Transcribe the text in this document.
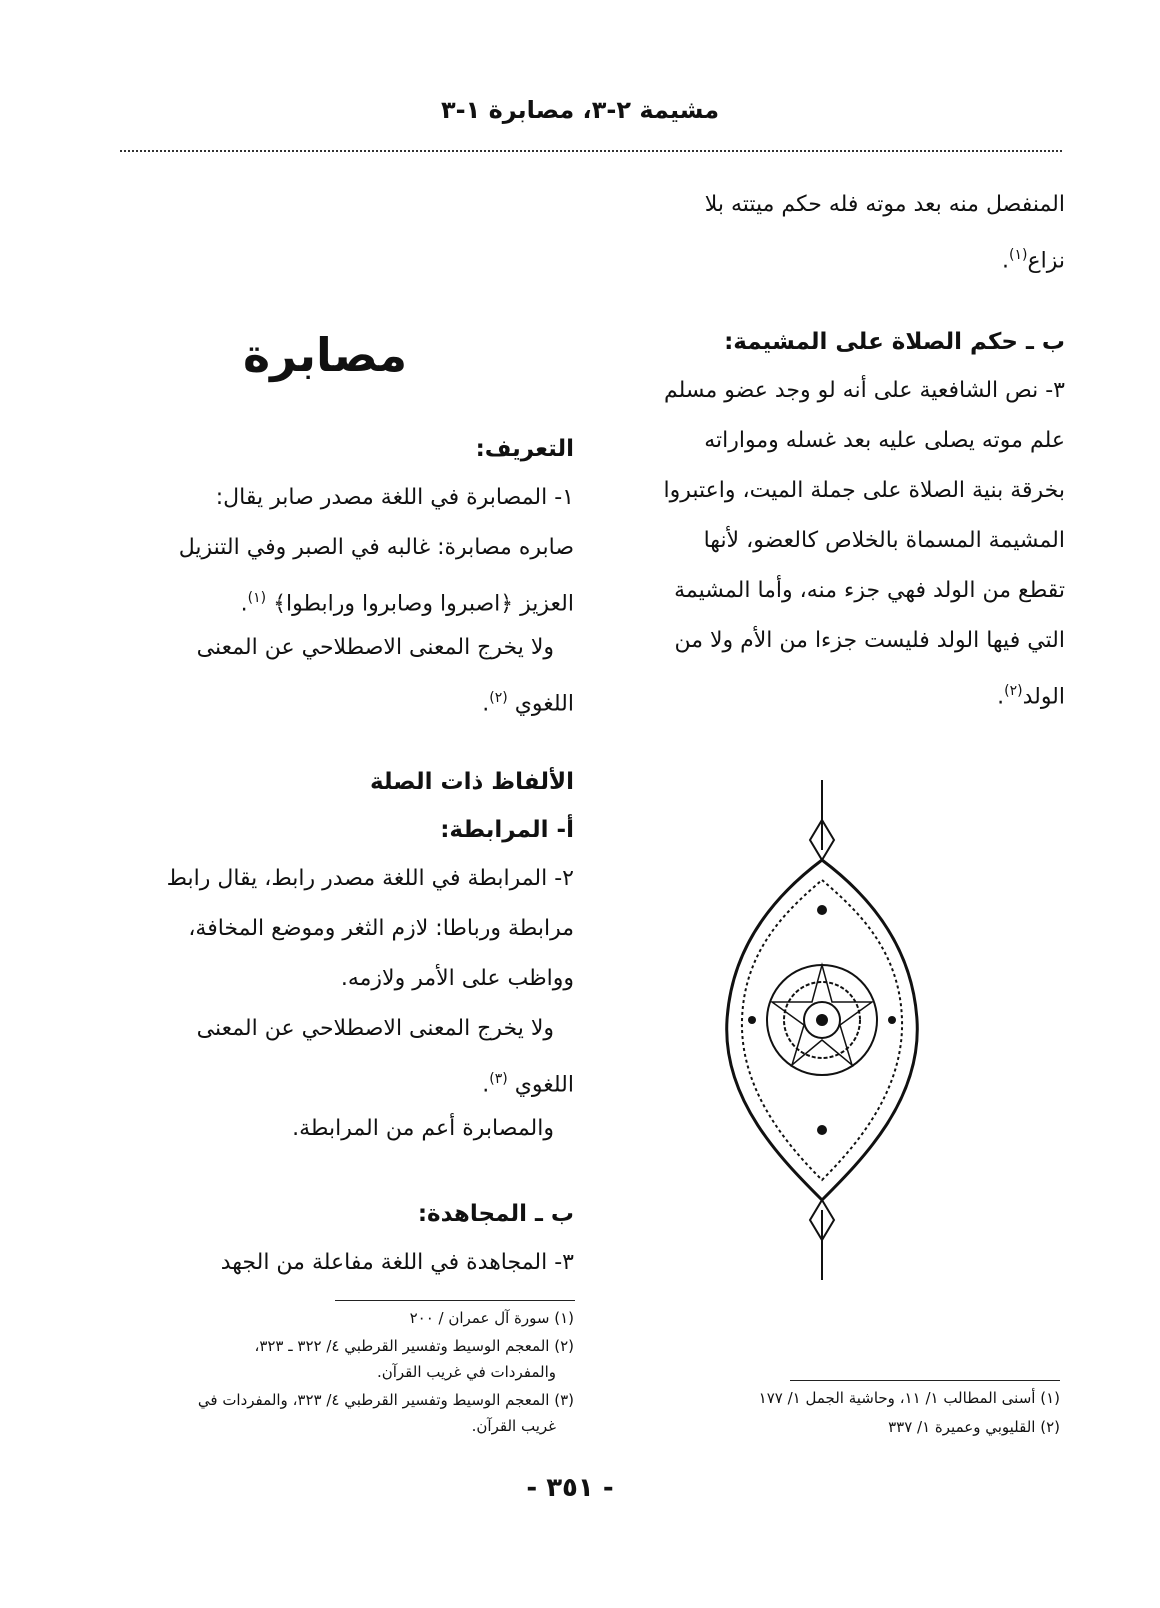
مشيمة ٢-٣، مصابرة ١-٣
المنفصل منه بعد موته فله حكم ميتته بلا
نزاع$^{(١)}$.
ب ـ حكم الصلاة على المشيمة:
٣- نص الشافعية على أنه لو وجد عضو مسلم
علم موته يصلى عليه بعد غسله ومواراته
بخرقة بنية الصلاة على جملة الميت، واعتبروا
المشيمة المسماة بالخلاص كالعضو، لأنها
تقطع من الولد فهي جزء منه، وأما المشيمة
التي فيها الولد فليست جزءا من الأم ولا من
الولد$^{(٢)}$.
(١) أسنى المطالب ١/ ١١، وحاشية الجمل ١/ ١٧٧
(٢) القليوبي وعميرة ١/ ٣٣٧
مصابرة
التعريف:
١- المصابرة في اللغة مصدر صابر يقال:
صابره مصابرة: غالبه في الصبر وفي التنزيل
العزيز ﴿اصبروا وصابروا ورابطوا﴾ $^{(١)}$.
ولا يخرج المعنى الاصطلاحي عن المعنى
اللغوي $^{(٢)}$.
الألفاظ ذات الصلة
أ- المرابطة:
٢- المرابطة في اللغة مصدر رابط، يقال رابط
مرابطة ورباطا: لازم الثغر وموضع المخافة،
وواظب على الأمر ولازمه.
ولا يخرج المعنى الاصطلاحي عن المعنى
اللغوي $^{(٣)}$.
والمصابرة أعم من المرابطة.
ب ـ المجاهدة:
٣- المجاهدة في اللغة مفاعلة من الجهد
(١) سورة آل عمران / ٢٠٠
(٢) المعجم الوسيط وتفسير القرطبي ٤/ ٣٢٢ ـ ٣٢٣،
والمفردات في غريب القرآن.
(٣) المعجم الوسيط وتفسير القرطبي ٤/ ٣٢٣، والمفردات في
غريب القرآن.
- ٣٥١ -
